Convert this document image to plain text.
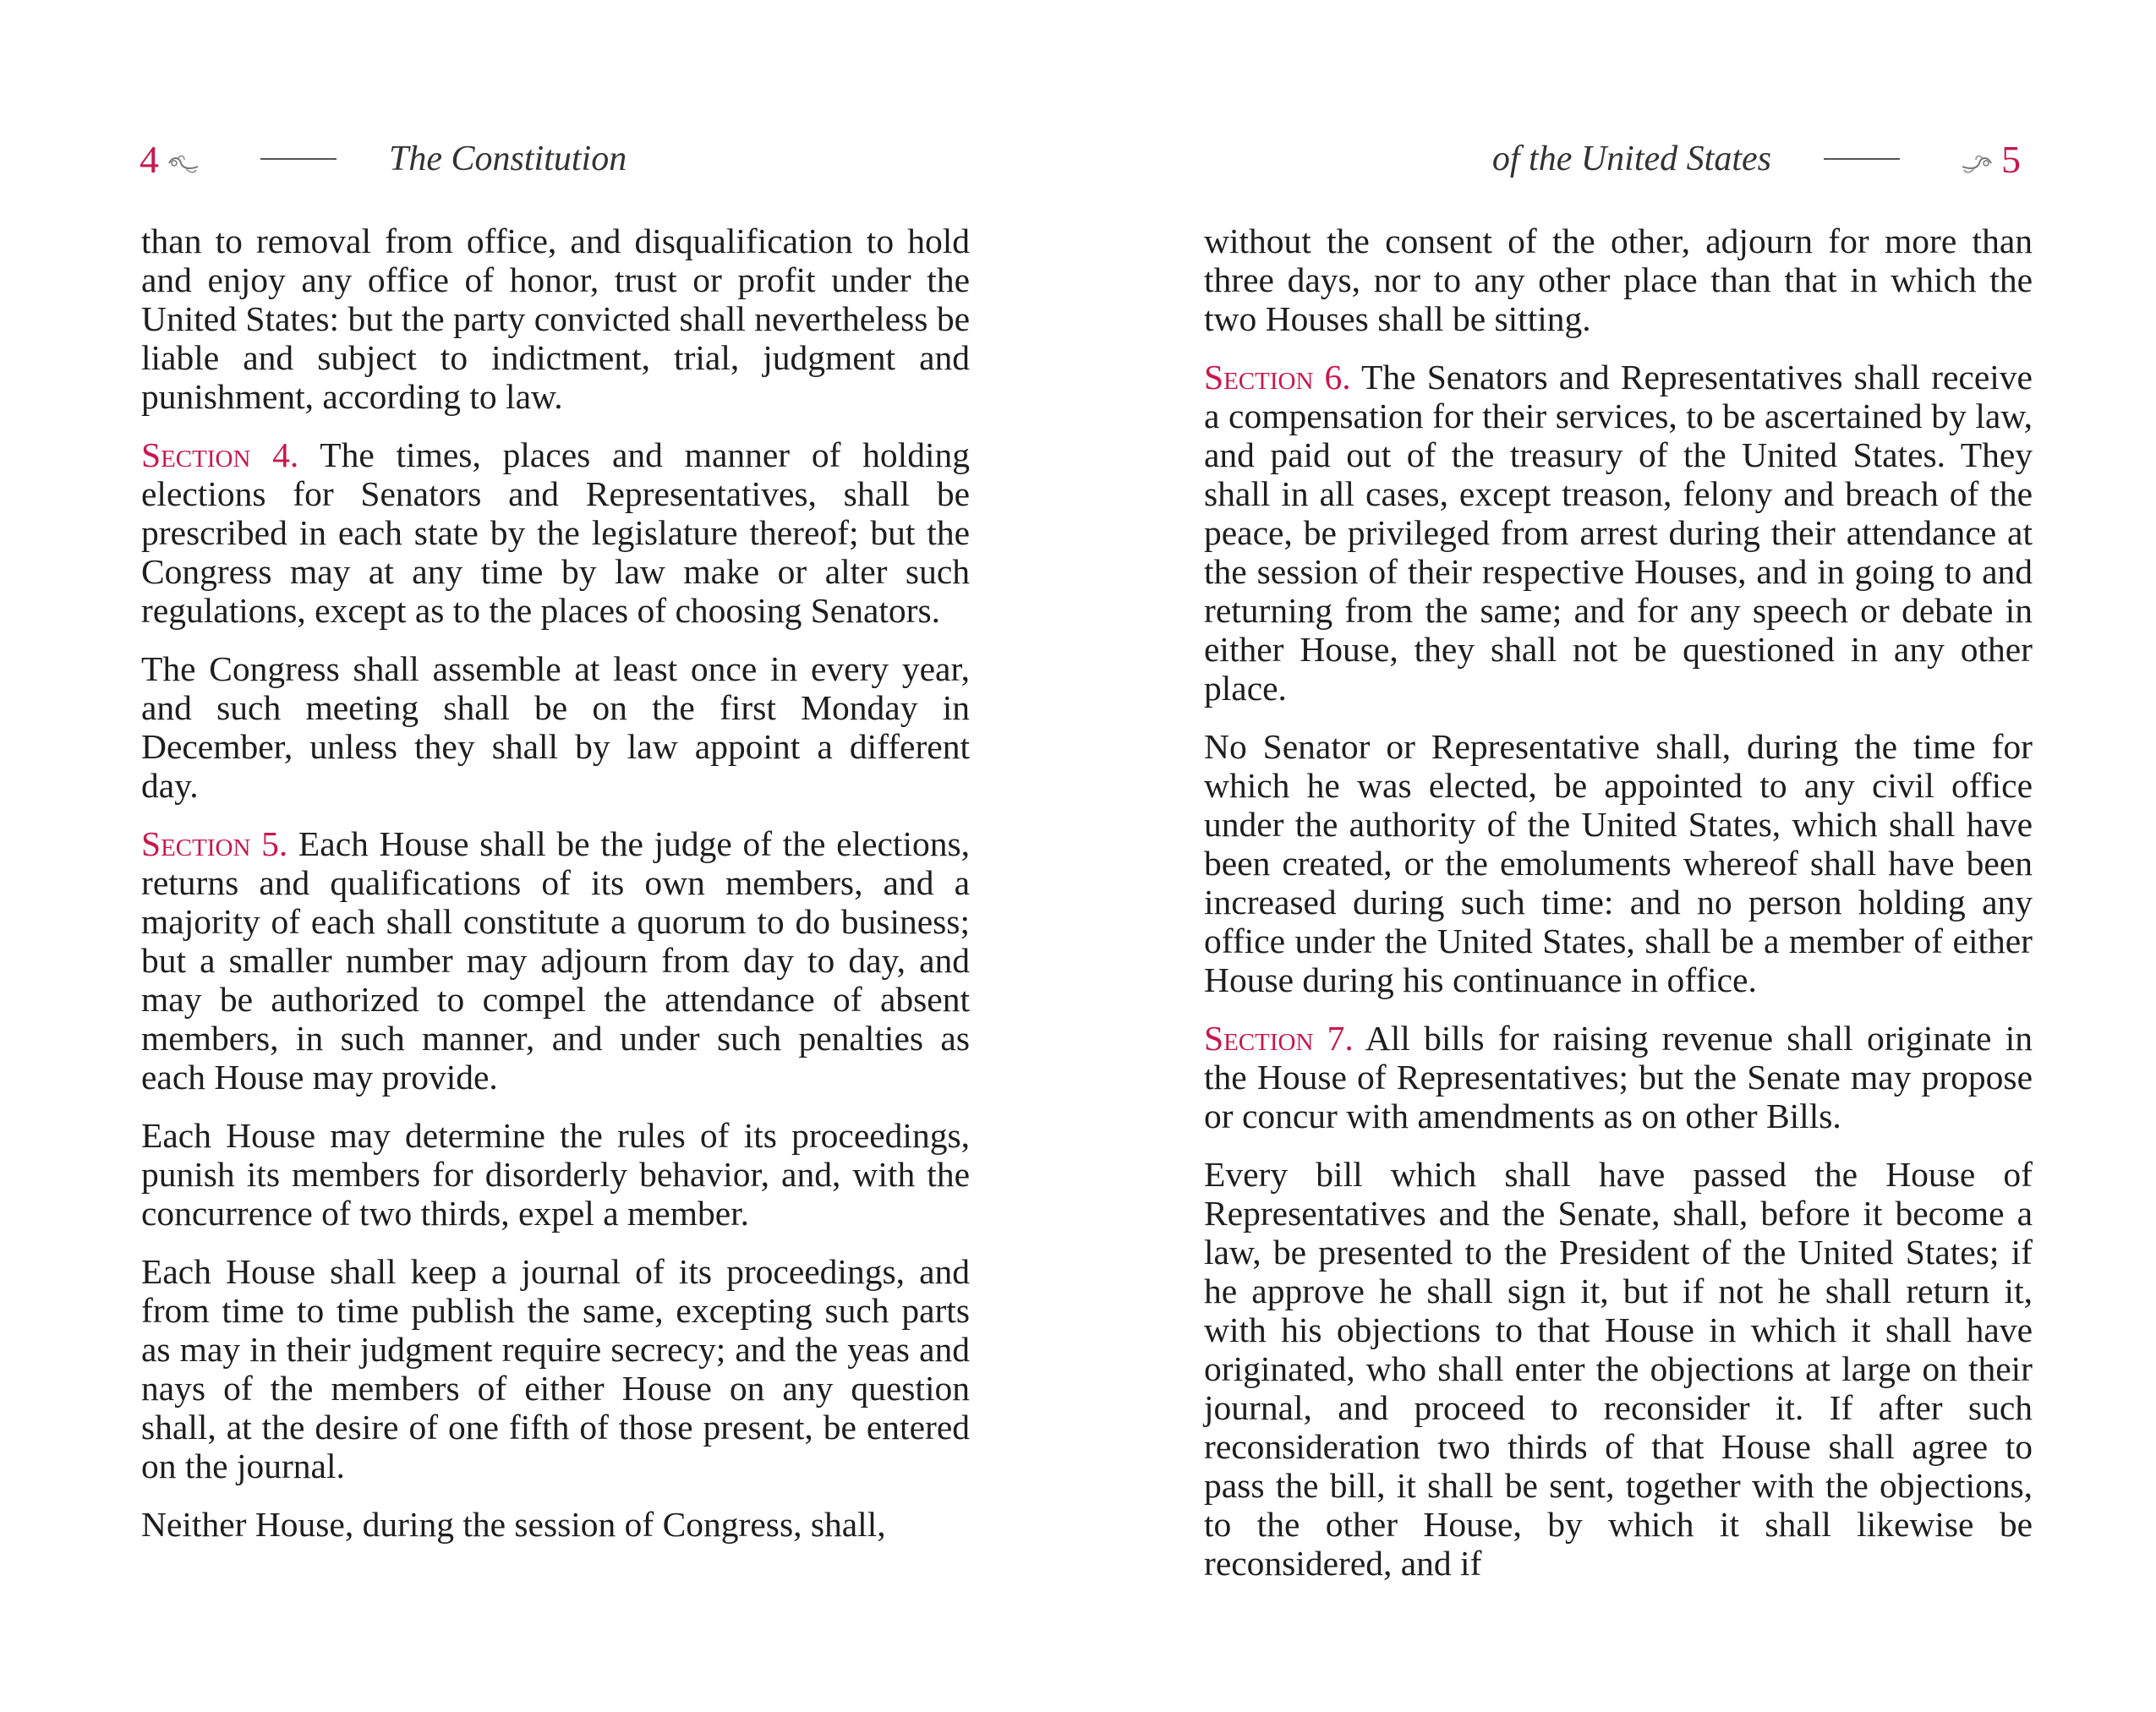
4	The Constitution

than to removal from office, and disqualification to hold and enjoy any office of honor, trust or profit under the United States: but the party convicted shall nevertheless be liable and subject to indictment, trial, judgment and punishment, according to law.

Section 4. The times, places and manner of holding elections for Senators and Representatives, shall be prescribed in each state by the legislature thereof; but the Congress may at any time by law make or alter such regulations, except as to the places of choosing Senators.

The Congress shall assemble at least once in every year, and such meeting shall be on the first Monday in December, unless they shall by law appoint a different day.

Section 5. Each House shall be the judge of the elections, returns and qualifications of its own members, and a majority of each shall constitute a quorum to do business; but a smaller number may adjourn from day to day, and may be authorized to compel the attendance of absent members, in such manner, and under such penalties as each House may provide.

Each House may determine the rules of its proceedings, punish its members for disorderly behavior, and, with the concurrence of two thirds, expel a member.

Each House shall keep a journal of its proceedings, and from time to time publish the same, excepting such parts as may in their judgment require secrecy; and the yeas and nays of the members of either House on any question shall, at the desire of one fifth of those present, be entered on the journal.

Neither House, during the session of Congress, shall,

of the United States	5

without the consent of the other, adjourn for more than three days, nor to any other place than that in which the two Houses shall be sitting.

Section 6. The Senators and Representatives shall receive a compensation for their services, to be ascertained by law, and paid out of the treasury of the United States. They shall in all cases, except treason, felony and breach of the peace, be privileged from arrest during their attendance at the session of their respective Houses, and in going to and returning from the same; and for any speech or debate in either House, they shall not be questioned in any other place.

No Senator or Representative shall, during the time for which he was elected, be appointed to any civil office under the authority of the United States, which shall have been created, or the emoluments whereof shall have been increased during such time: and no person holding any office under the United States, shall be a member of either House during his continuance in office.

Section 7. All bills for raising revenue shall originate in the House of Representatives; but the Senate may propose or concur with amendments as on other Bills.

Every bill which shall have passed the House of Representatives and the Senate, shall, before it become a law, be presented to the President of the United States; if he approve he shall sign it, but if not he shall return it, with his objections to that House in which it shall have originated, who shall enter the objections at large on their journal, and proceed to reconsider it. If after such reconsideration two thirds of that House shall agree to pass the bill, it shall be sent, together with the objections, to the other House, by which it shall likewise be reconsidered, and if
